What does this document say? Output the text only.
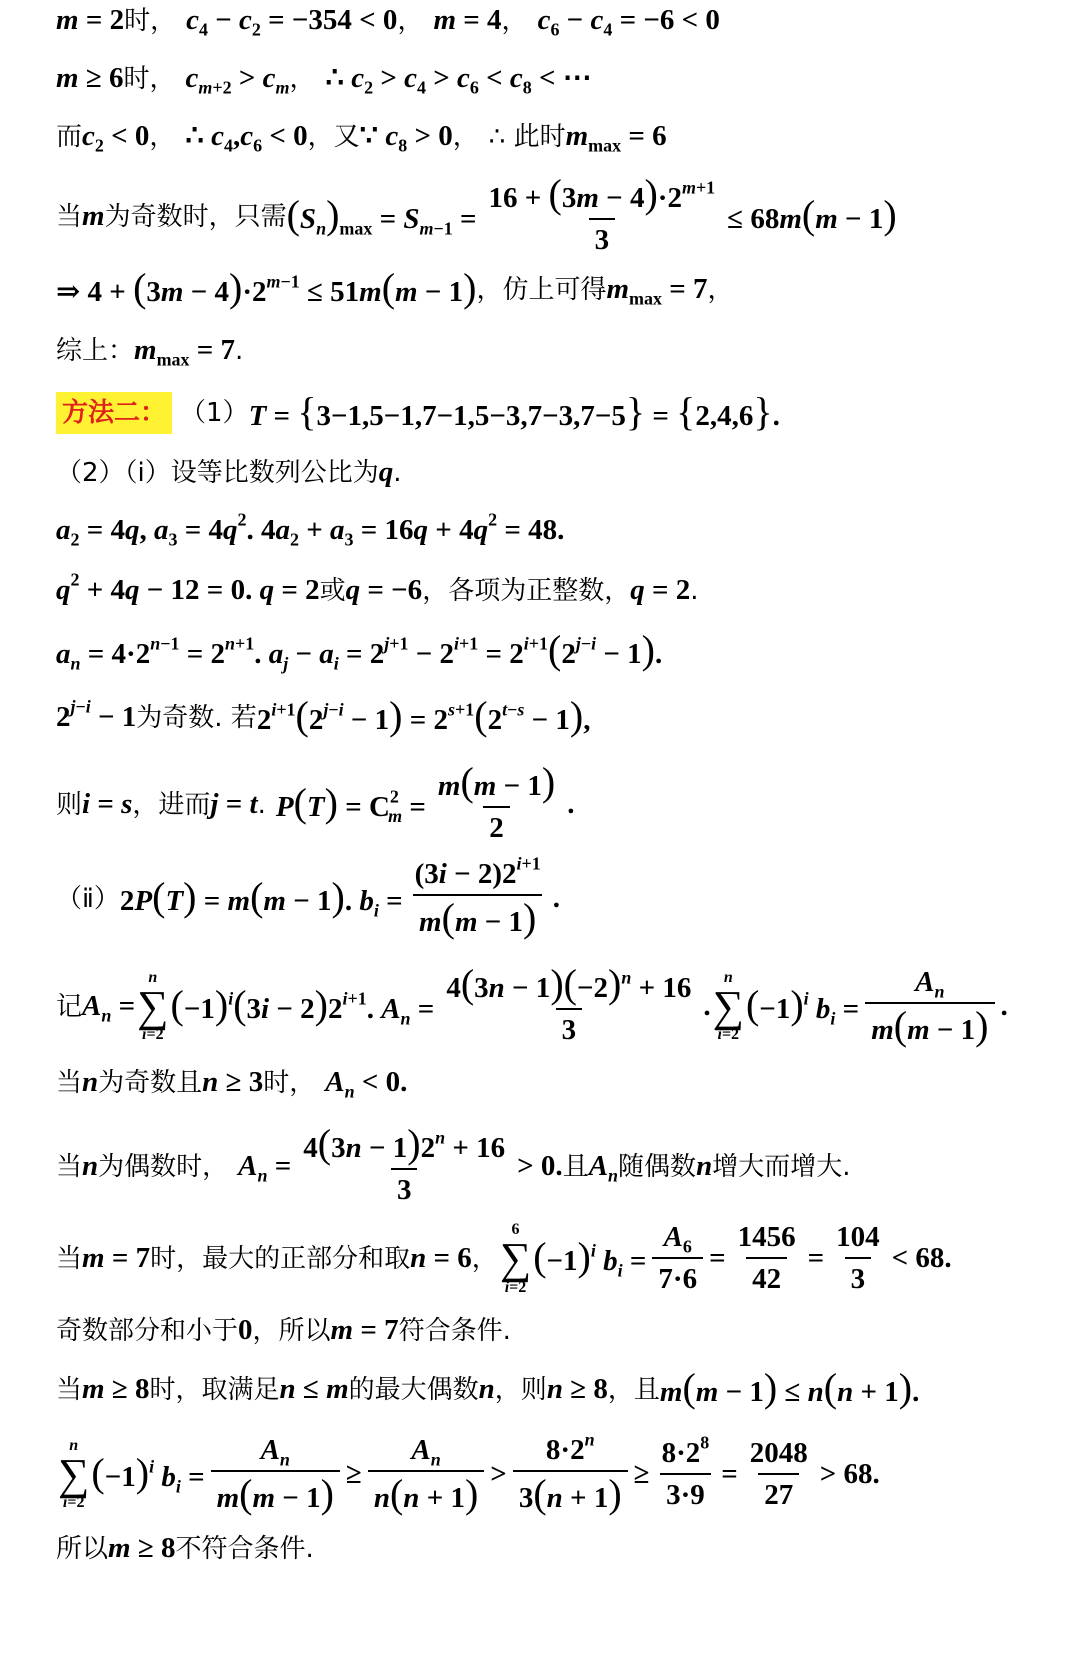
m = 2 时， $c_4 - c_2 = -354 < 0$ ， m = 4 ， $c_6 - c_4 = -6 < 0$
m ≥ 6 时， $c_{m+2} > c_m$ ， ∴ $c_2 > c_4 > c_6 < c_8$ < ⋯
而 $c_2 < 0$ ， ∴ $c_4,c_6 < 0$ ， 又 ∵ $c_8 > 0$ ， ∴ 此时 $m_{max} = 6$
当 m 为奇数时，只需 $(S_n)_{max} = S_{m-1} = \frac{16 + (3m - 4)\cdot 2^{m+1}}{3} \le 68m(m - 1)$
⇒ $4 + (3m - 4)\cdot 2^{m-1} \le 51m(m - 1)$ ，仿上可得 $m_{max} = 7$ ，
综上： $m_{max} = 7$ .
方法二： （1） T = {3−1,5−1,7−1,5−3,7−3,7−5} = {2,4,6}.
（2）（ⅰ）设等比数列公比为 q .
$a_2 = 4q$, $a_3 = 4q^2$. $4a_2 + a_3 = 16q + 4q^2 = 48$.
$q^2 + 4q - 12 = 0$. q = 2 或 q = −6 ，各项为正整数， q = 2 .
$a_n = 4\cdot 2^{n-1} = 2^{n+1}$. $a_j - a_i = 2^{j+1} - 2^{i+1} = 2^{i+1}(2^{j-i} - 1)$.
$2^{j-i} - 1$ 为奇数. 若 $2^{i+1}(2^{j-i} - 1) = 2^{s+1}(2^{t-s} - 1)$,
则 i = s ，进而 j = t . $P(T) = C^2_m = \frac{m(m - 1)}{2}$ .
（ⅱ） 2P(T) = m(m − 1). $b_i = \frac{(3i - 2)2^{i+1}}{m(m - 1)}$ .
记 $A_n$ =
n
∑
i=2
$(-1)^i(3i - 2)2^{i+1}$. $A_n = \frac{4(3n - 1)(-2)^n + 16}{3}$ .
n
∑
i=2
$(-1)^i$ $b_i = \frac{A_n}{m(m - 1)}$ .
当 n 为奇数且 n ≥ 3 时， $A_n < 0$.
当 n 为偶数时， $A_n = \frac{4(3n - 1)2^n + 16}{3} > 0$. 且 $A_n$ 随偶数 n 增大而增大.
当 m = 7 时，最大的正部分和取 n = 6 ，
6
∑
i=2
$(-1)^i$ $b_i = \frac{A_6}{7\cdot 6} = \frac{1456}{42} = \frac{104}{3} < 68$.
奇数部分和小于 0 ，所以 m = 7 符合条件.
当 m ≥ 8 时，取满足 n ≤ m 的最大偶数 n ，则 n ≥ 8 ，且 m(m − 1) ≤ n(n + 1).
n
∑
i=2
$(-1)^i$ $b_i = \frac{A_n}{m(m - 1)} \ge \frac{A_n}{n(n + 1)} > \frac{8\cdot 2^n}{3(n + 1)} \ge \frac{8\cdot 2^8}{3\cdot 9} = \frac{2048}{27} > 68$.
所以 m ≥ 8 不符合条件.
